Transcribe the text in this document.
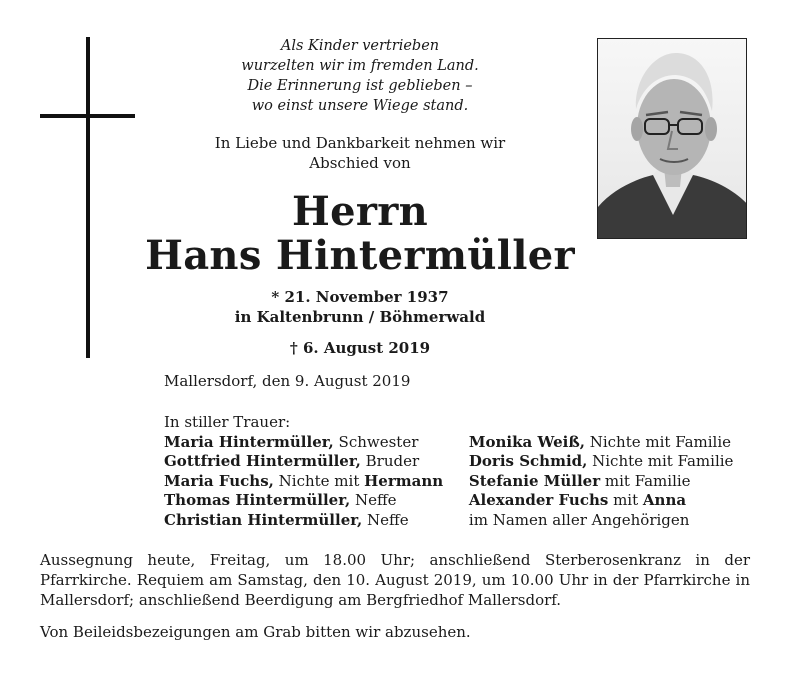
Als Kinder vertrieben
wurzelten wir im fremden Land.
Die Erinnerung ist geblieben –
wo einst unsere Wiege stand.
In Liebe und Dankbarkeit nehmen wir
Abschied von
Herrn
Hans Hintermüller
* 21. November 1937
in Kaltenbrunn / Böhmerwald
† 6. August 2019
Mallersdorf, den 9. August 2019
In stiller Trauer:
Maria Hintermüller, Schwester
Gottfried Hintermüller, Bruder
Maria Fuchs, Nichte mit Hermann
Thomas Hintermüller, Neffe
Christian Hintermüller, Neffe
Monika Weiß, Nichte mit Familie
Doris Schmid, Nichte mit Familie
Stefanie Müller mit Familie
Alexander Fuchs mit Anna
im Namen aller Angehörigen
Aussegnung heute, Freitag, um 18.00 Uhr; anschließend Sterberosenkranz in der Pfarrkirche. Requiem am Samstag, den 10. August 2019, um 10.00 Uhr in der Pfarrkirche in Mallersdorf; anschließend Beerdigung am Bergfriedhof Mallersdorf.
Von Beileidsbezeigungen am Grab bitten wir abzusehen.
